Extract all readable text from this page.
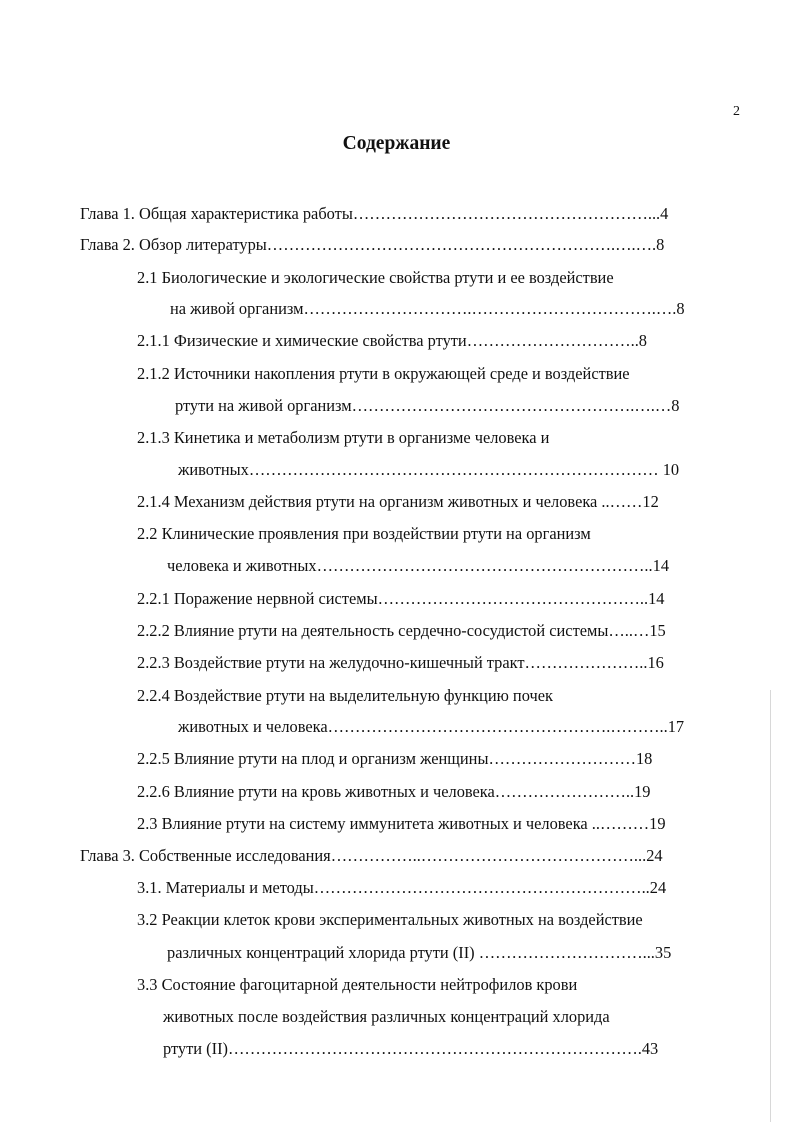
2
Содержание
Глава 1. Общая характеристика работы………………………………………………...4
Глава 2. Обзор литературы……………………………………………………….….….8
2.1 Биологические и экологические свойства ртути и ее воздействие
на живой организм………………………….…………………………….….8
2.1.1 Физические и химические свойства ртути…………………………..8
2.1.2 Источники накопления ртути в окружающей среде и воздействие
ртути на живой организм…………………………………………….….…8
2.1.3 Кинетика и метаболизм ртути в организме человека и
животных………………………………………………………………… 10
2.1.4 Механизм действия ртути на организм животных и человека ..……12
2.2 Клинические проявления при воздействии ртути на организм
человека и животных……………………………………………………..14
2.2.1 Поражение нервной системы…………………………………………..14
2.2.2 Влияние ртути на деятельность сердечно-сосудистой системы…..…15
2.2.3 Воздействие ртути на желудочно-кишечный тракт…………………..16
2.2.4 Воздействие ртути на выделительную функцию почек
животных и человека…………………………………………….………..17
2.2.5 Влияние ртути на плод и организм женщины………………………18
2.2.6 Влияние ртути на кровь животных и человека……………………..19
2.3 Влияние ртути на систему иммунитета животных и человека ..………19
Глава 3. Собственные исследования……………..…………………………………...24
3.1. Материалы и методы……………………………………………………..24
3.2 Реакции клеток крови экспериментальных животных на воздействие
различных концентраций хлорида ртути (II) …………………………...35
3.3 Состояние фагоцитарной деятельности нейтрофилов крови
животных после воздействия различных концентраций хлорида
ртути (II)………………………………………………………………….43
